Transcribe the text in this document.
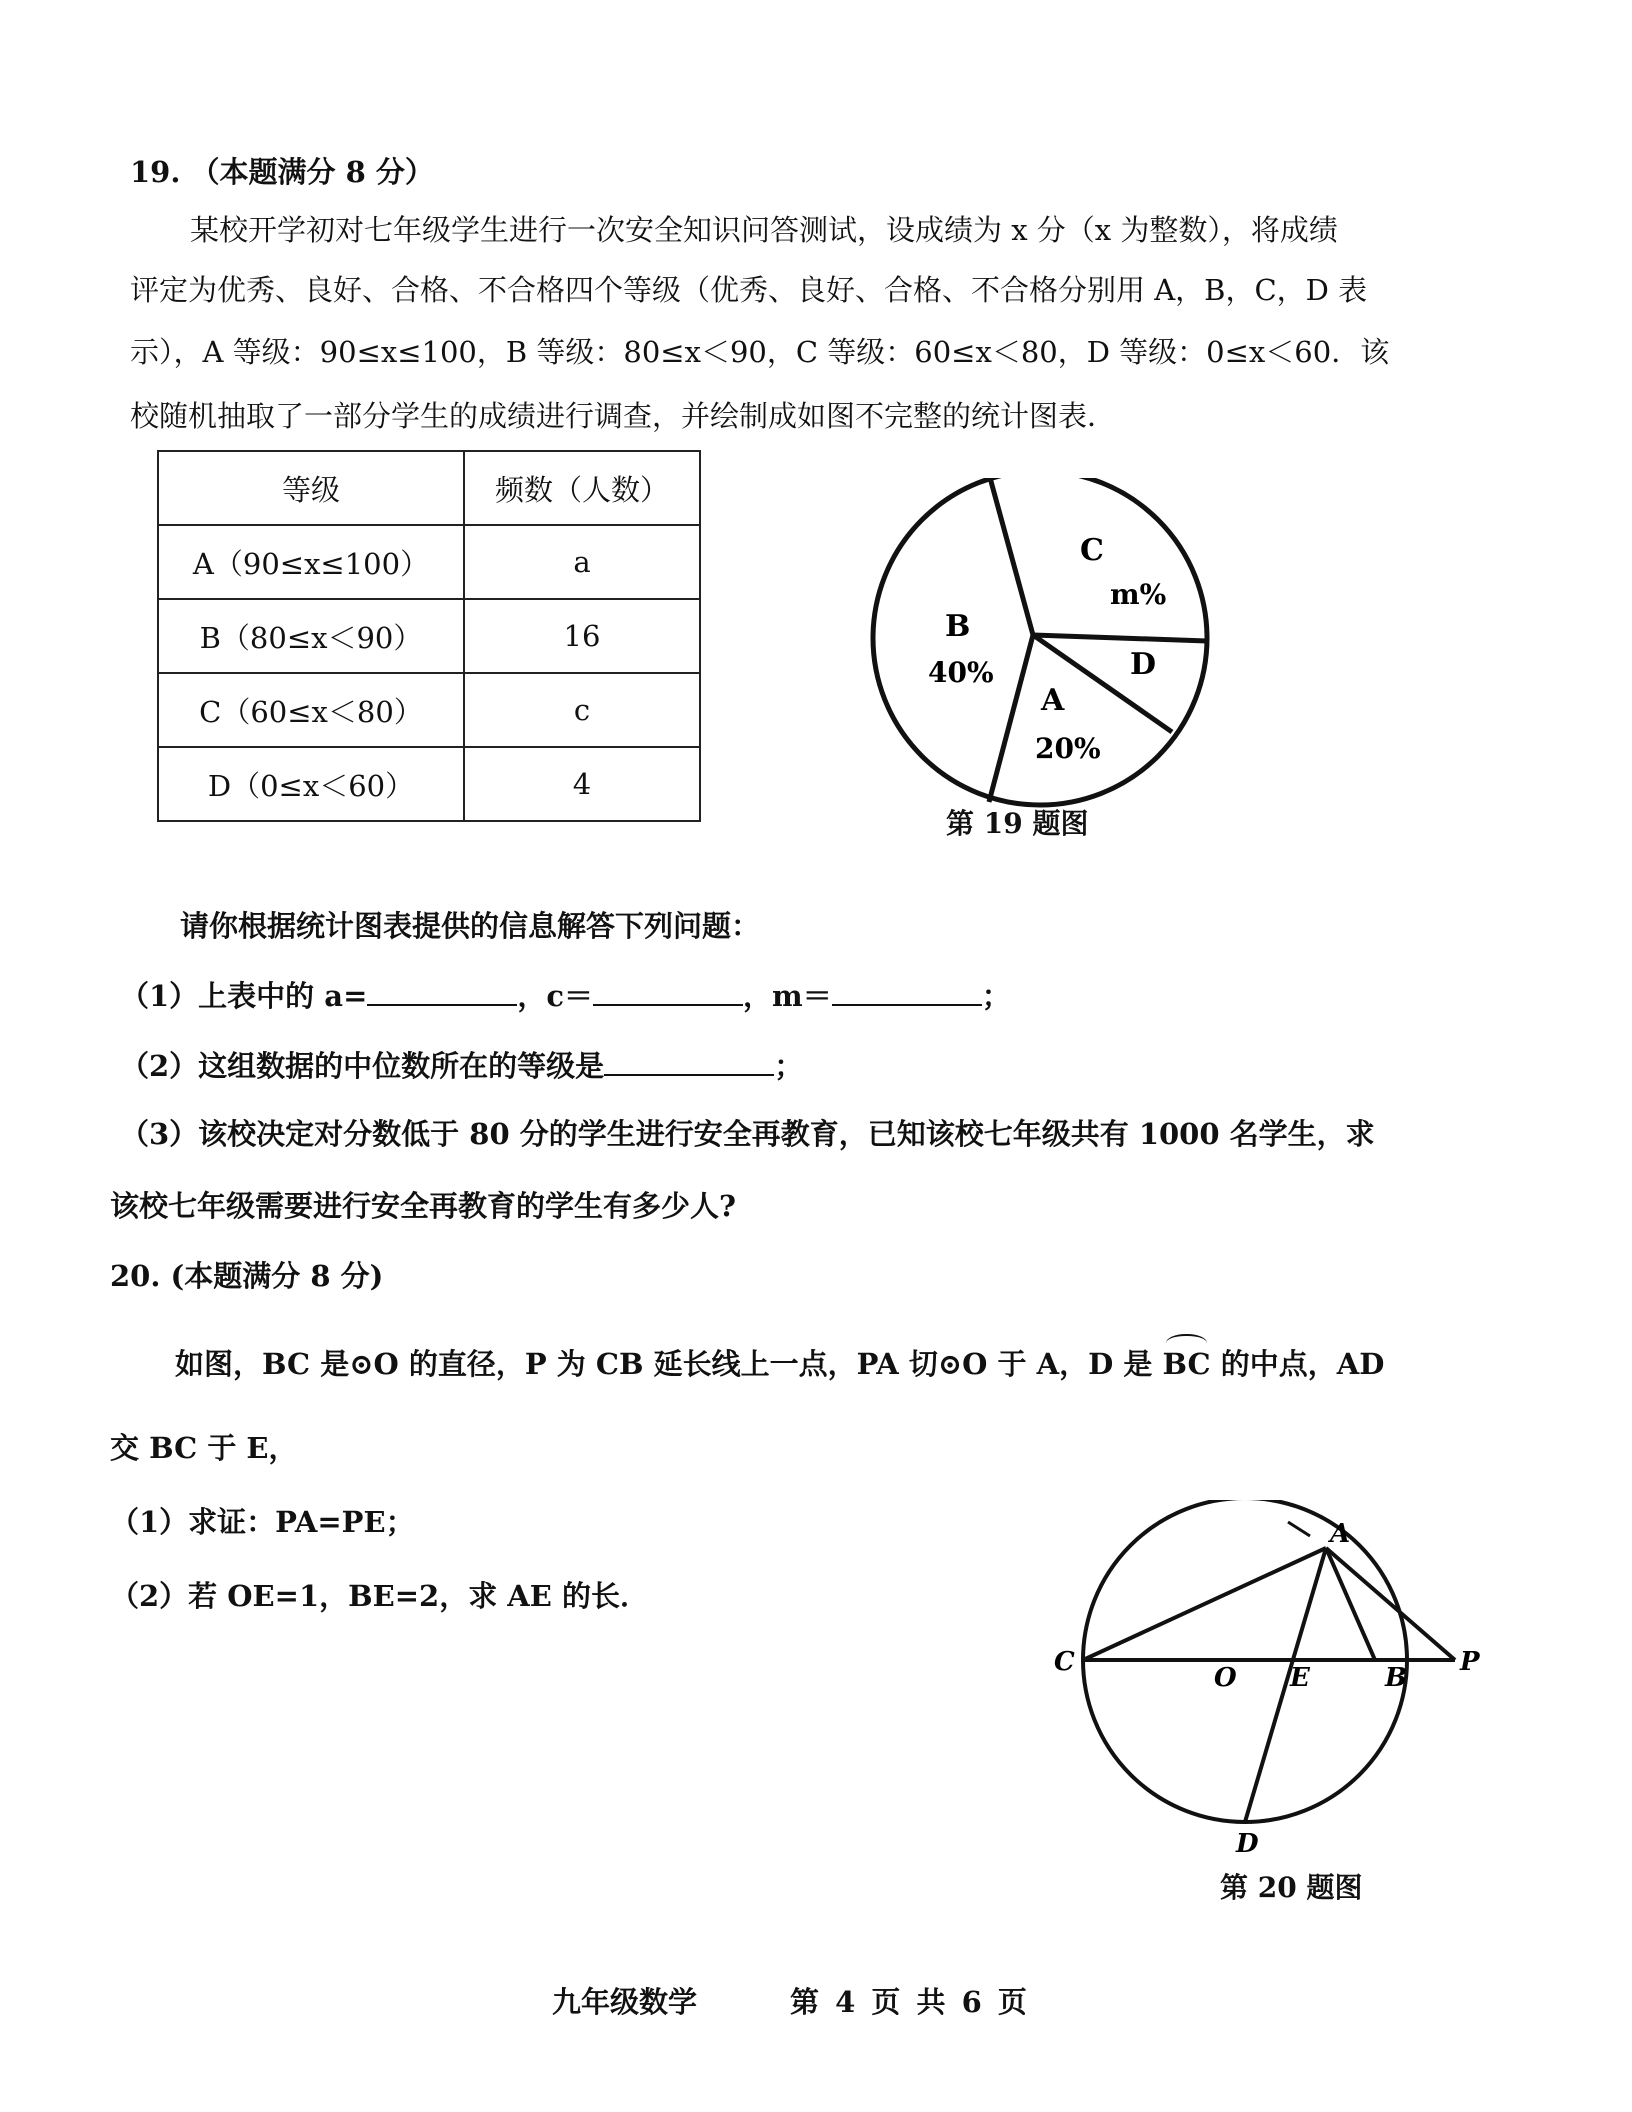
19. （本题满分 8 分）
某校开学初对七年级学生进行一次安全知识问答测试，设成绩为 x 分（x 为整数），将成绩
评定为优秀、良好、合格、不合格四个等级（优秀、良好、合格、不合格分别用 A，B，C，D 表
示），A 等级：90≤x≤100，B 等级：80≤x＜90，C 等级：60≤x＜80，D 等级：0≤x＜60．该
校随机抽取了一部分学生的成绩进行调查，并绘制成如图不完整的统计图表．
等级	频数（人数）
A（90≤x≤100）	a
B（80≤x＜90）	16
C（60≤x＜80）	c
D（0≤x＜60）	4
C
m%
B
40%	D
A
20%
第 19 题图
请你根据统计图表提供的信息解答下列问题：
（1）上表中的 a=	，c＝	，m＝	；
（2）这组数据的中位数所在的等级是	；
（3）该校决定对分数低于 80 分的学生进行安全再教育，已知该校七年级共有 1000 名学生，求
该校七年级需要进行安全再教育的学生有多少人?
20. (本题满分 8 分)
如图，BC 是⊙O 的直径，P 为 CB 延长线上一点，PA 切⊙O 于 A，D 是 BC 的中点，AD
交 BC 于 E，
（1）求证：PA=PE；
（2）若 OE=1，BE=2，求 AE 的长．
A
C
O E	B
P
D
第 20 题图
九年级数学	第 4 页 共 6 页
